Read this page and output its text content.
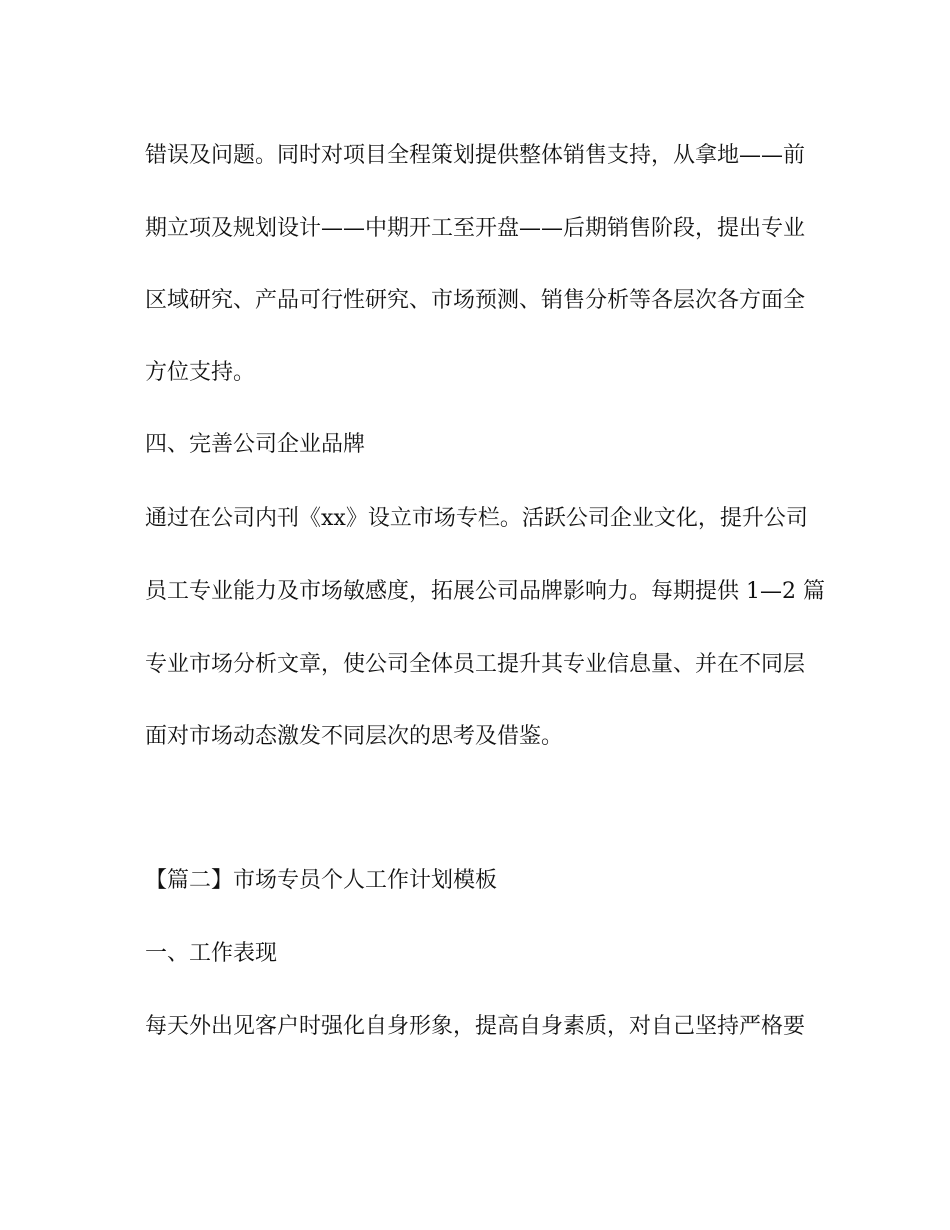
错误及问题。同时对项目全程策划提供整体销售支持，从拿地——前
期立项及规划设计——中期开工至开盘——后期销售阶段，提出专业
区域研究、产品可行性研究、市场预测、销售分析等各层次各方面全
方位支持。
四、完善公司企业品牌
通过在公司内刊《xx》设立市场专栏。活跃公司企业文化，提升公司
员工专业能力及市场敏感度，拓展公司品牌影响力。每期提供 1—2 篇
专业市场分析文章，使公司全体员工提升其专业信息量、并在不同层
面对市场动态激发不同层次的思考及借鉴。
【篇二】市场专员个人工作计划模板
一、工作表现
每天外出见客户时强化自身形象，提高自身素质，对自己坚持严格要
